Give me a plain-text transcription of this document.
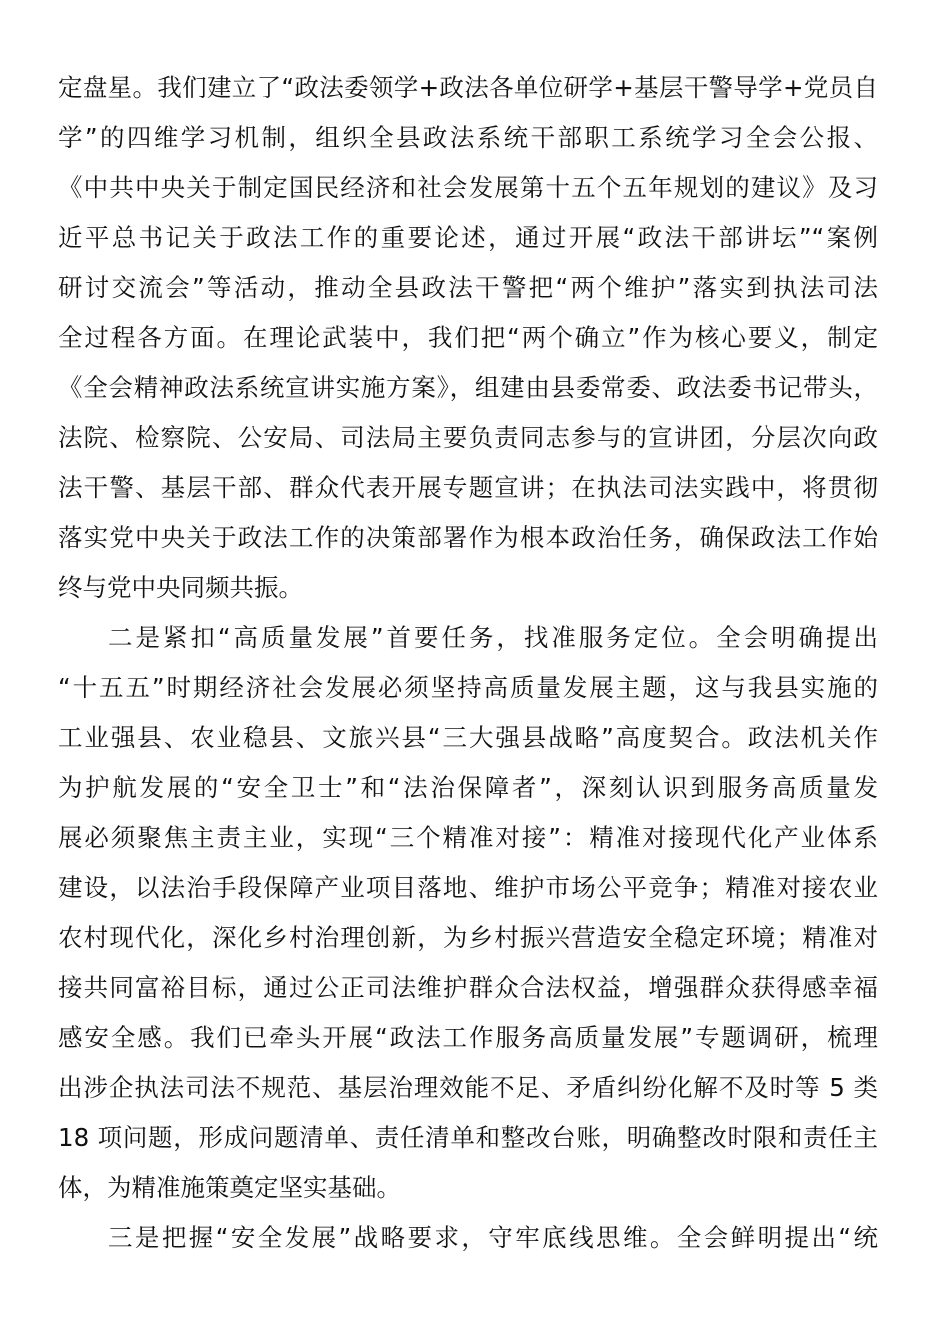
定盘星。我们建立了“政法委领学+政法各单位研学+基层干警导学+党员自
学”的四维学习机制，组织全县政法系统干部职工系统学习全会公报、
《中共中央关于制定国民经济和社会发展第十五个五年规划的建议》及习
近平总书记关于政法工作的重要论述，通过开展“政法干部讲坛”“案例
研讨交流会”等活动，推动全县政法干警把“两个维护”落实到执法司法
全过程各方面。在理论武装中，我们把“两个确立”作为核心要义，制定
《全会精神政法系统宣讲实施方案》，组建由县委常委、政法委书记带头，
法院、检察院、公安局、司法局主要负责同志参与的宣讲团，分层次向政
法干警、基层干部、群众代表开展专题宣讲；在执法司法实践中，将贯彻
落实党中央关于政法工作的决策部署作为根本政治任务，确保政法工作始
终与党中央同频共振。
二是紧扣“高质量发展”首要任务，找准服务定位。全会明确提出
“十五五”时期经济社会发展必须坚持高质量发展主题，这与我县实施的
工业强县、农业稳县、文旅兴县“三大强县战略”高度契合。政法机关作
为护航发展的“安全卫士”和“法治保障者”，深刻认识到服务高质量发
展必须聚焦主责主业，实现“三个精准对接”：精准对接现代化产业体系
建设，以法治手段保障产业项目落地、维护市场公平竞争；精准对接农业
农村现代化，深化乡村治理创新，为乡村振兴营造安全稳定环境；精准对
接共同富裕目标，通过公正司法维护群众合法权益，增强群众获得感幸福
感安全感。我们已牵头开展“政法工作服务高质量发展”专题调研，梳理
出涉企执法司法不规范、基层治理效能不足、矛盾纠纷化解不及时等 5 类
18 项问题，形成问题清单、责任清单和整改台账，明确整改时限和责任主
体，为精准施策奠定坚实基础。
三是把握“安全发展”战略要求，守牢底线思维。全会鲜明提出“统
